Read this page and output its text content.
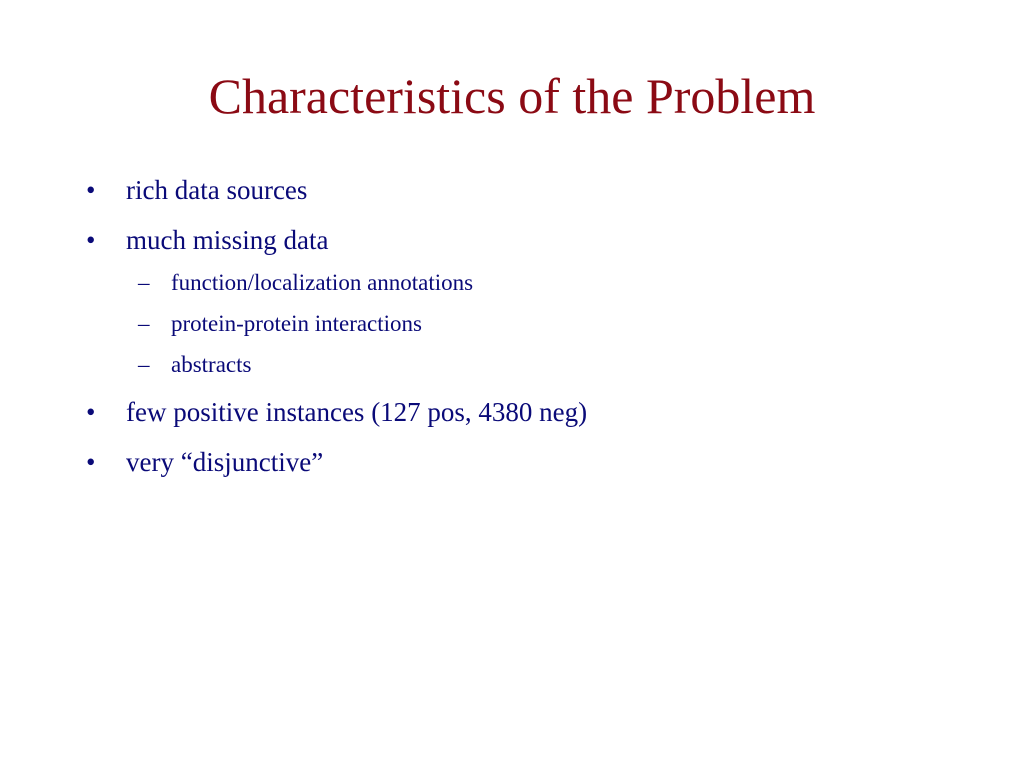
Characteristics of the Problem
• rich data sources
• much missing data
– function/localization annotations
– protein-protein interactions
– abstracts
• few positive instances (127 pos, 4380 neg)
• very “disjunctive”
